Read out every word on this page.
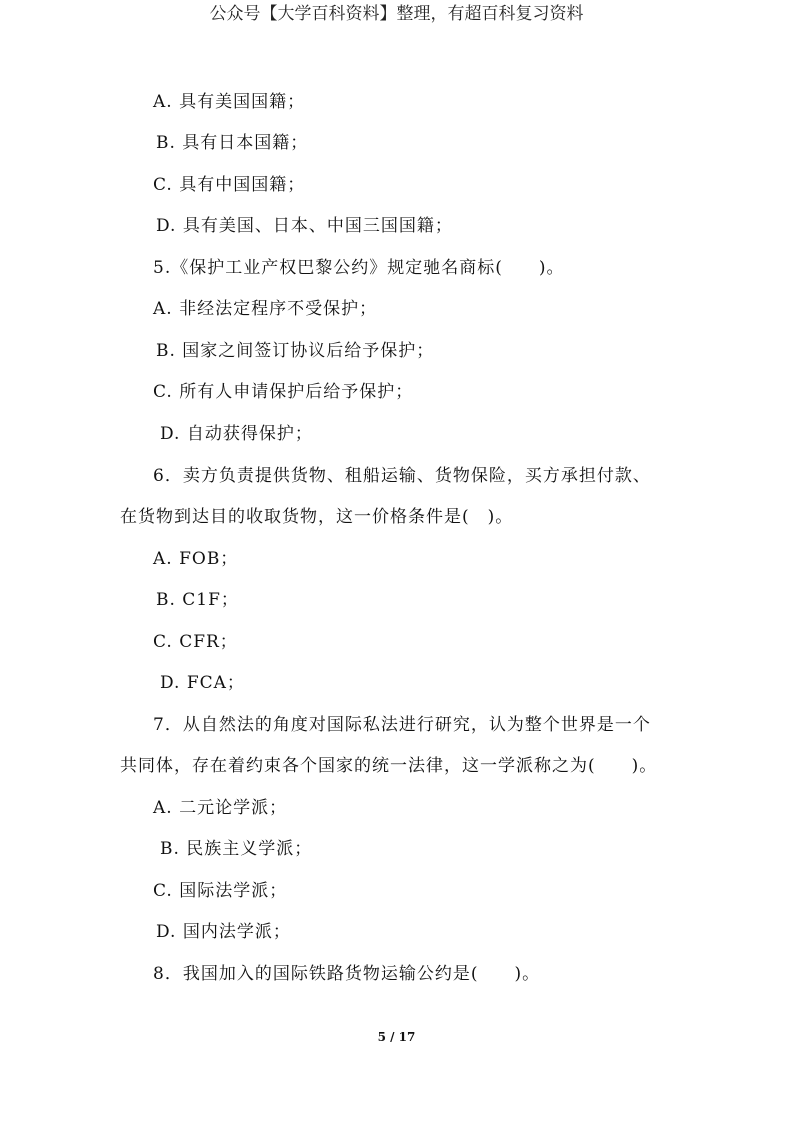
公众号【大学百科资料】整理，有超百科复习资料
A. 具有美国国籍；
B. 具有日本国籍；
C. 具有中国国籍；
D. 具有美国、日本、中国三国国籍；
5.《保护工业产权巴黎公约》规定驰名商标(　　)。
A. 非经法定程序不受保护；
B. 国家之间签订协议后给予保护；
C. 所有人申请保护后给予保护；
D. 自动获得保护；
6．卖方负责提供货物、租船运输、货物保险，买方承担付款、
在货物到达目的收取货物，这一价格条件是(　)。
A. FOB；
B. C1F；
C. CFR；
D. FCA；
7．从自然法的角度对国际私法进行研究，认为整个世界是一个
共同体，存在着约束各个国家的统一法律，这一学派称之为(　　)。
A. 二元论学派；
B. 民族主义学派；
C. 国际法学派；
D. 国内法学派；
8．我国加入的国际铁路货物运输公约是(　　)。
5 / 17
